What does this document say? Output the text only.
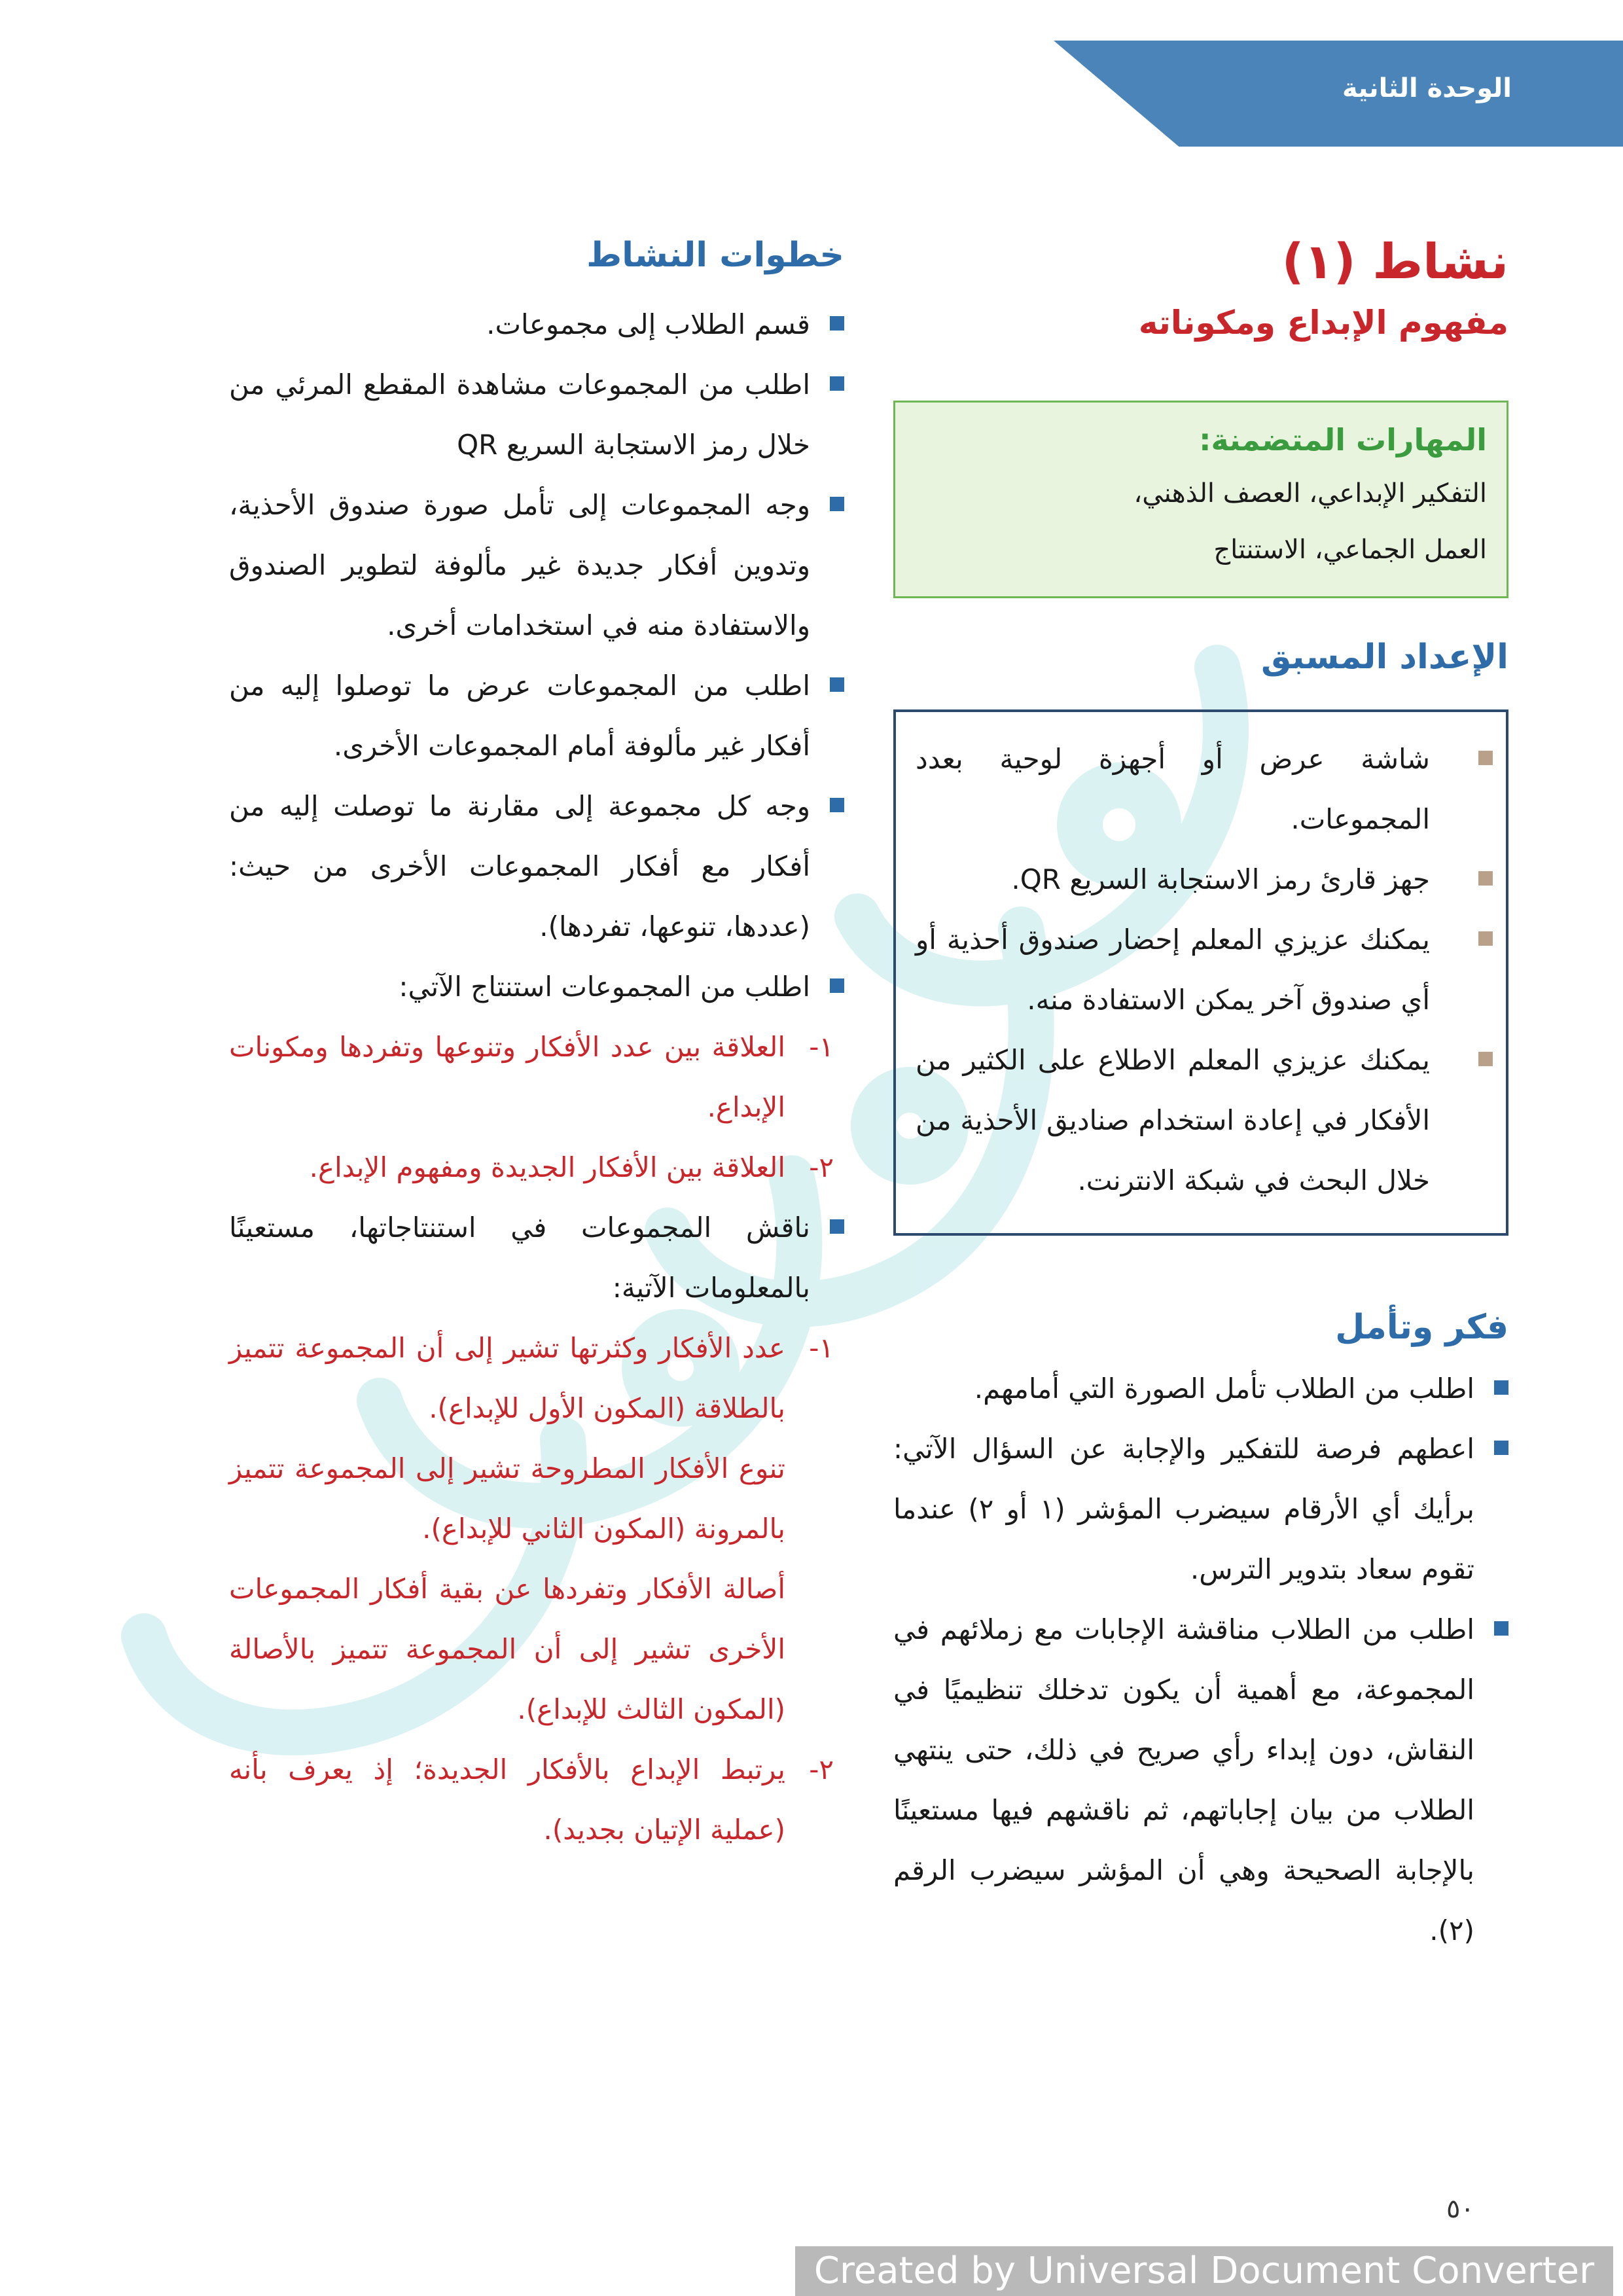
الوحدة الثانية
نشاط (١)
مفهوم الإبداع ومكوناته
المهارات المتضمنة:
التفكير الإبداعي، العصف الذهني،
العمل الجماعي، الاستنتاج
الإعداد المسبق
شاشة عرض أو أجهزة لوحية بعدد المجموعات.
جهز قارئ رمز الاستجابة السريع QR.
يمكنك عزيزي المعلم إحضار صندوق أحذية أو أي صندوق آخر يمكن الاستفادة منه.
يمكنك عزيزي المعلم الاطلاع على الكثير من الأفكار في إعادة استخدام صناديق الأحذية من خلال البحث في شبكة الانترنت.
فكر وتأمل
اطلب من الطلاب تأمل الصورة التي أمامهم.
اعطهم فرصة للتفكير والإجابة عن السؤال الآتي: برأيك أي الأرقام سيضرب المؤشر (١ أو ٢) عندما تقوم سعاد بتدوير الترس.
اطلب من الطلاب مناقشة الإجابات مع زملائهم في المجموعة، مع أهمية أن يكون تدخلك تنظيميًا في النقاش، دون إبداء رأي صريح في ذلك، حتى ينتهي الطلاب من بيان إجاباتهم، ثم ناقشهم فيها مستعينًا بالإجابة الصحيحة وهي أن المؤشر سيضرب الرقم (٢).
خطوات النشاط
قسم الطلاب إلى مجموعات.
اطلب من المجموعات مشاهدة المقطع المرئي من خلال رمز الاستجابة السريع QR
وجه المجموعات إلى تأمل صورة صندوق الأحذية، وتدوين أفكار جديدة غير مألوفة لتطوير الصندوق والاستفادة منه في استخدامات أخرى.
اطلب من المجموعات عرض ما توصلوا إليه من أفكار غير مألوفة أمام المجموعات الأخرى.
وجه كل مجموعة إلى مقارنة ما توصلت إليه من أفكار مع أفكار المجموعات الأخرى من حيث: (عددها، تنوعها، تفردها).
اطلب من المجموعات استنتاج الآتي:
١-
العلاقة بين عدد الأفكار وتنوعها وتفردها ومكونات الإبداع.
٢-
العلاقة بين الأفكار الجديدة ومفهوم الإبداع.
ناقش المجموعات في استنتاجاتها، مستعينًا بالمعلومات الآتية:
١-
عدد الأفكار وكثرتها تشير إلى أن المجموعة تتميز بالطلاقة (المكون الأول للإبداع).
تنوع الأفكار المطروحة تشير إلى المجموعة تتميز بالمرونة (المكون الثاني للإبداع).
أصالة الأفكار وتفردها عن بقية أفكار المجموعات الأخرى تشير إلى أن المجموعة تتميز بالأصالة (المكون الثالث للإبداع).
٢-
يرتبط الإبداع بالأفكار الجديدة؛ إذ يعرف بأنه (عملية الإتيان بجديد).
٥٠
Created by Universal Document Converter
